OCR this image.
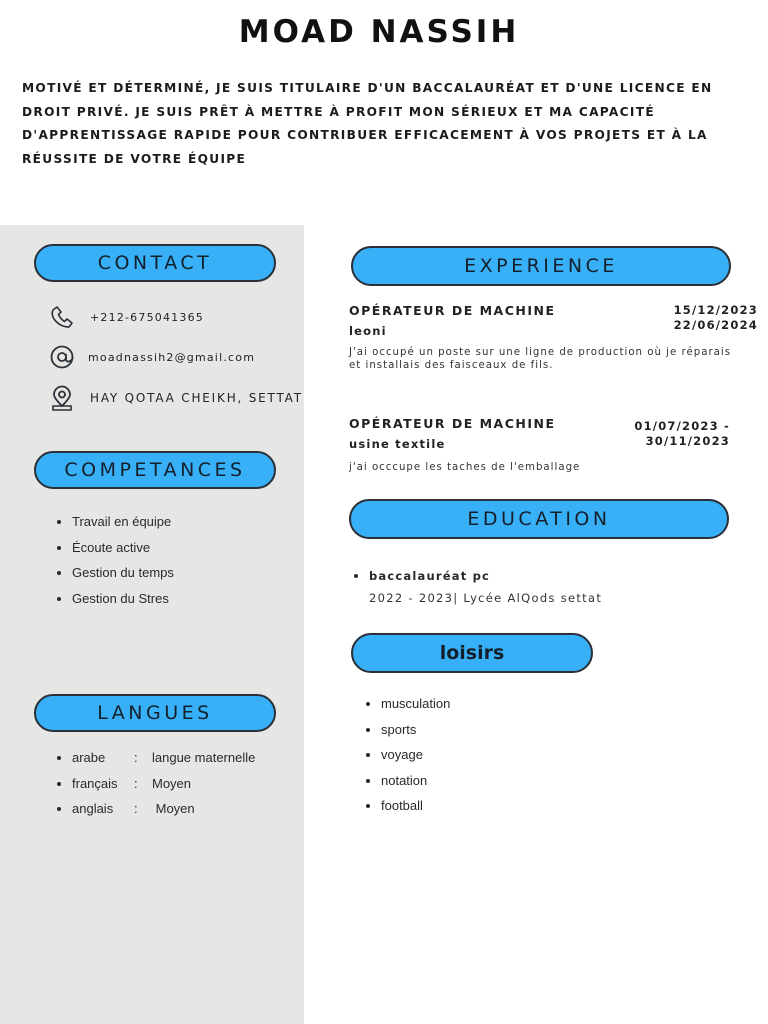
MOAD NASSIH
MOTIVÉ ET DÉTERMINÉ, JE SUIS TITULAIRE D'UN BACCALAURÉAT ET D'UNE LICENCE EN DROIT PRIVÉ. JE SUIS PRÊT À METTRE À PROFIT MON SÉRIEUX ET MA CAPACITÉ D'APPRENTISSAGE RAPIDE POUR CONTRIBUER EFFICACEMENT À VOS PROJETS ET À LA RÉUSSITE DE VOTRE ÉQUIPE
CONTACT
COMPETANCES
LANGUES
+212-675041365
moadnassih2@gmail.com
HAY QOTAA CHEIKH, SETTAT
• Travail en équipe
• Écoute active
• Gestion du temps
• Gestion du Stres
• arabe : langue maternelle
• français : Moyen
• anglais : Moyen
EXPERIENCE
EDUCATION
loisirs
OPÉRATEUR DE MACHINE
leoni
15/12/2023
22/06/2024
J'ai occupé un poste sur une ligne de production où je réparais et installais des faisceaux de fils.
OPÉRATEUR DE MACHINE
usine textile
01/07/2023 -
30/11/2023
j'ai occcupe les taches de l'emballage
• baccalauréat pc
2022 - 2023| Lycée AlQods settat
• musculation
• sports
• voyage
• notation
• football
